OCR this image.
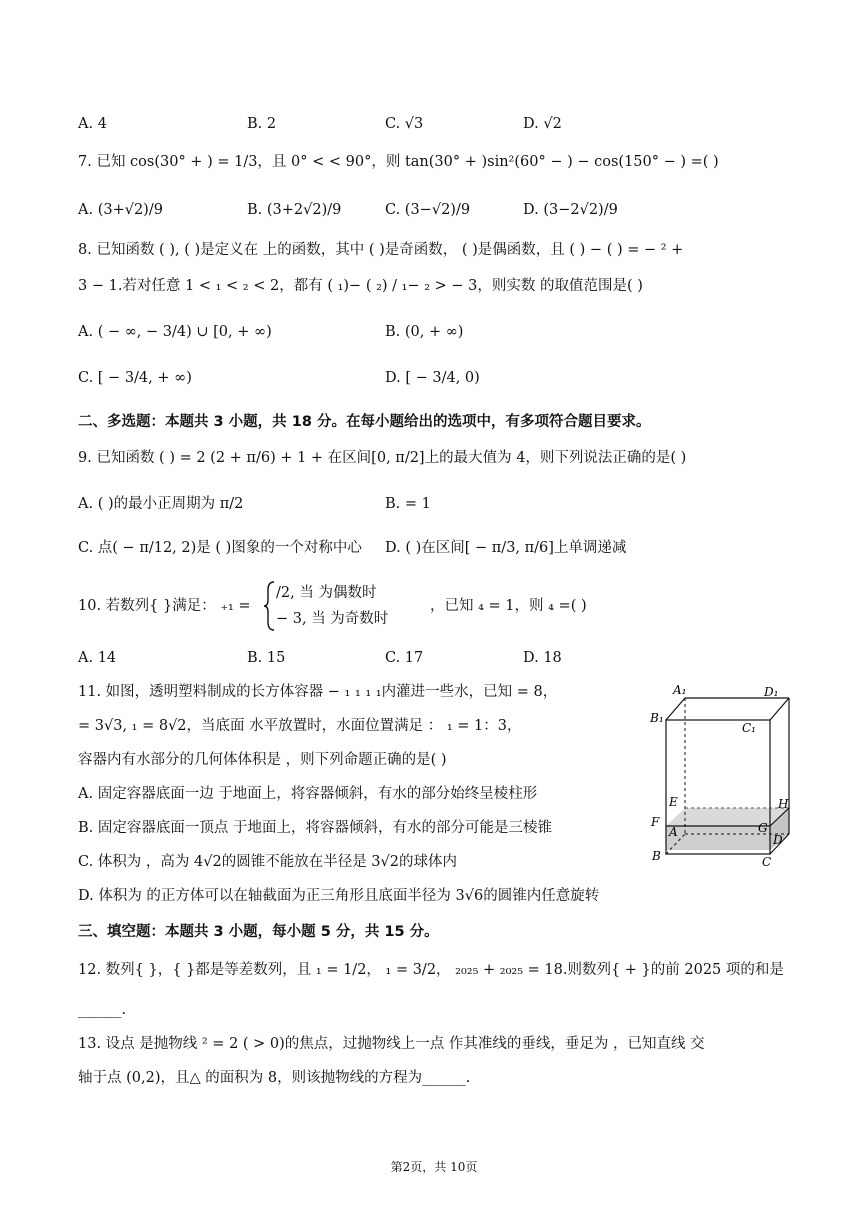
A. 4	B. 2	C. √3	D. √2
7. 已知 cos(30° + ) = 1/3，且 0° < < 90°，则 tan(30° + )sin²(60° − ) − cos(150° − ) =( )
A. (3+√2)/9	B. (3+2√2)/9	C. (3−√2)/9	D. (3−2√2)/9
8. 已知函数 ( ), ( )是定义在 上的函数，其中 ( )是奇函数， ( )是偶函数，且 ( ) − ( ) = − ² +
3 − 1.若对任意 1 < ₁ < ₂ < 2，都有 ( ₁)− ( ₂) / ₁− ₂ > − 3，则实数 的取值范围是( )
A. ( − ∞, − 3/4) ∪ [0, + ∞)	B. (0, + ∞)
C. [ − 3/4, + ∞)	D. [ − 3/4, 0)
二、多选题：本题共 3 小题，共 18 分。在每小题给出的选项中，有多项符合题目要求。
9. 已知函数 ( ) = 2 (2 + π/6) + 1 + 在区间[0, π/2]上的最大值为 4，则下列说法正确的是( )
A. ( )的最小正周期为 π/2	B. = 1
C. 点( − π/12, 2)是 ( )图象的一个对称中心 D. ( )在区间[ − π/3, π/6]上单调递减
10. 若数列{ }满足： ₊₁ =
/2, 当 为偶数时
− 3, 当 为奇数时
，已知 ₄ = 1，则 ₄ =( )
A. 14	B. 15	C. 17	D. 18
11. 如图，透明塑料制成的长方体容器 − ₁ ₁ ₁ ₁内灌进一些水，已知 = 8，
= 3√3, ₁ = 8√2，当底面 水平放置时，水面位置满足 ： ₁ = 1：3，
容器内有水部分的几何体体积是 ，则下列命题正确的是( )
A. 固定容器底面一边 于地面上，将容器倾斜，有水的部分始终呈棱柱形
B. 固定容器底面一顶点 于地面上，将容器倾斜，有水的部分可能是三棱锥
C. 体积为 ，高为 4√2的圆锥不能放在半径是 3√2的球体内
D. 体积为 的正方体可以在轴截面为正三角形且底面半径为 3√6的圆锥内任意旋转
A₁	D₁
B₁
C₁
E	H
F	G
A
D
B	C
三、填空题：本题共 3 小题，每小题 5 分，共 15 分。
12. 数列{ }，{ }都是等差数列，且 ₁ = 1/2， ₁ = 3/2， ₂₀₂₅ + ₂₀₂₅ = 18.则数列{ + }的前 2025 项的和是
______.
13. 设点 是抛物线 ² = 2 ( > 0)的焦点，过抛物线上一点 作其准线的垂线，垂足为 ，已知直线 交
轴于点 (0,2)，且△ 的面积为 8，则该抛物线的方程为______.
第2页，共 10页
